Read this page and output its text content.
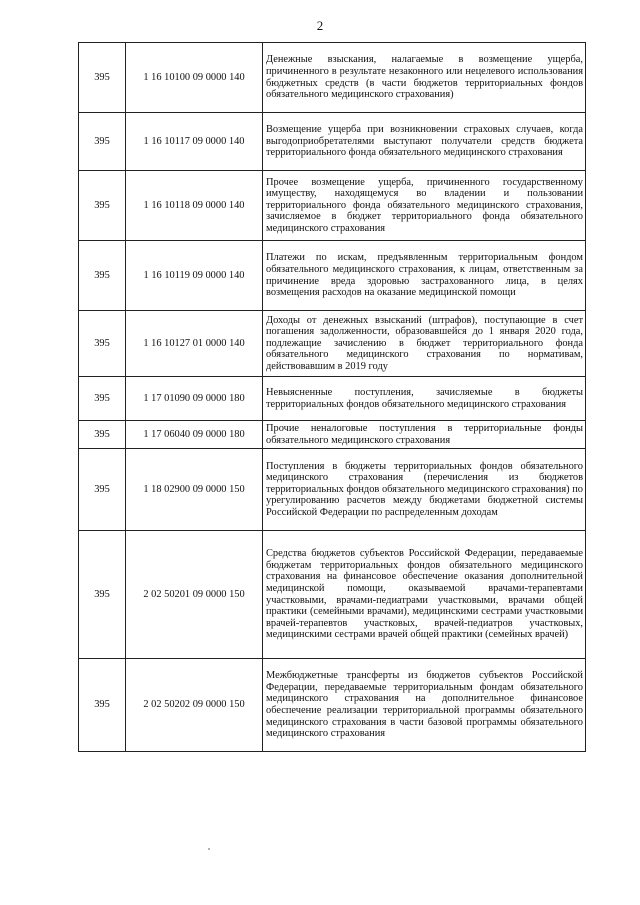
2
395	1 16 10100 09 0000 140	Денежные взыскания, налагаемые в возмещение ущерба, причиненного в результате незаконного или нецелевого использования бюджетных средств (в части бюджетов территориальных фондов обязательного медицинского страхования)
395	1 16 10117 09 0000 140	Возмещение ущерба при возникновении страховых случаев, когда выгодоприобретателями выступают получатели средств бюджета территориального фонда обязательного медицинского страхования
395	1 16 10118 09 0000 140	Прочее возмещение ущерба, причиненного государственному имуществу, находящемуся во владении и пользовании территориального фонда обязательного медицинского страхования, зачисляемое в бюджет территориального фонда обязательного медицинского страхования
395	1 16 10119 09 0000 140	Платежи по искам, предъявленным территориальным фондом обязательного медицинского страхования, к лицам, ответственным за причинение вреда здоровью застрахованного лица, в целях возмещения расходов на оказание медицинской помощи
395	1 16 10127 01 0000 140	Доходы от денежных взысканий (штрафов), поступающие в счет погашения задолженности, образовавшейся до 1 января 2020 года, подлежащие зачислению в бюджет территориального фонда обязательного медицинского страхования по нормативам, действовавшим в 2019 году
395	1 17 01090 09 0000 180	Невыясненные поступления, зачисляемые в бюджеты территориальных фондов обязательного медицинского страхования
395	1 17 06040 09 0000 180	Прочие неналоговые поступления в территориальные фонды обязательного медицинского страхования
395	1 18 02900 09 0000 150	Поступления в бюджеты территориальных фондов обязательного медицинского страхования (перечисления из бюджетов территориальных фондов обязательного медицинского страхования) по урегулированию расчетов между бюджетами бюджетной системы Российской Федерации по распределенным доходам
395	2 02 50201 09 0000 150	Средства бюджетов субъектов Российской Федерации, передаваемые бюджетам территориальных фондов обязательного медицинского страхования на финансовое обеспечение оказания дополнительной медицинской помощи, оказываемой врачами-терапевтами участковыми, врачами-педиатрами участковыми, врачами общей практики (семейными врачами), медицинскими сестрами участковыми врачей-терапевтов участковых, врачей-педиатров участковых, медицинскими сестрами врачей общей практики (семейных врачей)
395	2 02 50202 09 0000 150	Межбюджетные трансферты из бюджетов субъектов Российской Федерации, передаваемые территориальным фондам обязательного медицинского страхования на дополнительное финансовое обеспечение реализации территориальной программы обязательного медицинского страхования в части базовой программы обязательного медицинского страхования
